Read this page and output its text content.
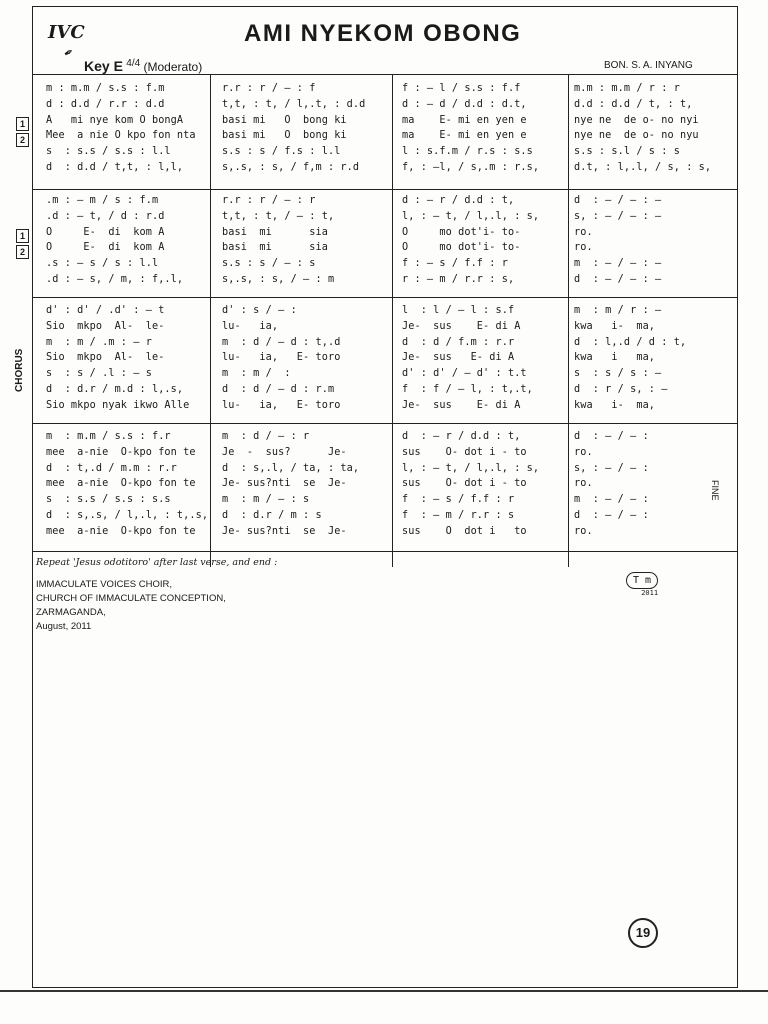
IVC
✒
AMI NYEKOM OBONG
Key E $^{4/4}$ (Moderato)	BON. S. A. INYANG
m : m.m / s.s : f.m
d : d.d / r.r : d.d
A   mi nye kom O bongA
Mee  a nie O kpo fon nta
s  : s.s / s.s : l.l
d  : d.d / t,t, : l,l,
r.r : r / — : f
t,t, : t, / l,.t, : d.d
basi mi   O  bong ki
basi mi   O  bong ki
s.s : s / f.s : l.l
s,.s, : s, / f,m : r.d
f : — l / s.s : f.f
d : — d / d.d : d.t,
ma    E- mi en yen e
ma    E- mi en yen e
l : s.f.m / r.s : s.s
f, : —l, / s,.m : r.s,
m.m : m.m / r : r
d.d : d.d / t, : t,
nye ne  de o- no nyi
nye ne  de o- no nyu
s.s : s.l / s : s
d.t, : l,.l, / s, : s,
.m : — m / s : f.m
.d : — t, / d : r.d
O     E-  di  kom A
O     E-  di  kom A
.s : — s / s : l.l
.d : — s, / m, : f,.l,
r.r : r / — : r
t,t, : t, / — : t,
basi  mi      sia
basi  mi      sia
s.s : s / — : s
s,.s, : s, / — : m
d : — r / d.d : t,
l, : — t, / l,.l, : s,
O     mo dot'i- to-
O     mo dot'i- to-
f : — s / f.f : r
r : — m / r.r : s,
d  : — / — : —
s, : — / — : —
ro.
ro.
m  : — / — : —
d  : — / — : —
d' : d' / .d' : — t
Sio  mkpo  Al-  le-
m  : m / .m : — r
Sio  mkpo  Al-  le-
s  : s / .l : — s
d  : d.r / m.d : l,.s,
Sio mkpo nyak ikwo Alle
d' : s / — :
lu-   ia,
m  : d / — d : t,.d
lu-   ia,   E- toro
m  : m /  :
d  : d / — d : r.m
lu-   ia,   E- toro
l  : l / — l : s.f
Je-  sus    E- di A
d  : d / f.m : r.r
Je-  sus   E- di A
d' : d' / — d' : t.t
f  : f / — l, : t,.t,
Je-  sus    E- di A
m  : m / r : —
kwa   i-  ma,
d  : l,.d / d : t,
kwa   i   ma,
s  : s / s : —
d  : r / s, : —
kwa   i-  ma,
m  : m.m / s.s : f.r
mee  a-nie  O-kpo fon te
d  : t,.d / m.m : r.r
mee  a-nie  O-kpo fon te
s  : s.s / s.s : s.s
d  : s,.s, / l,.l, : t,.s,
mee  a-nie  O-kpo fon te
m  : d / — : r
Je  -  sus?      Je-
d  : s,.l, / ta, : ta,
Je- sus?nti  se  Je-
m  : m / — : s
d  : d.r / m : s
Je- sus?nti  se  Je-
d  : — r / d.d : t,
sus    O- dot i - to
l, : — t, / l,.l, : s,
sus    O- dot i - to
f  : — s / f.f : r
f  : — m / r.r : s
sus    O  dot i   to
d  : — / — :
ro.
s, : — / — :
ro.
m  : — / — :
d  : — / — :
ro.
1
2
1
2
CHORUS
FINE
Repeat 'Jesus odotitoro' after last verse, and end :
IMMACULATE VOICES CHOIR,
CHURCH OF IMMACULATE CONCEPTION,
ZARMAGANDA,
August, 2011
T m
2011
19
